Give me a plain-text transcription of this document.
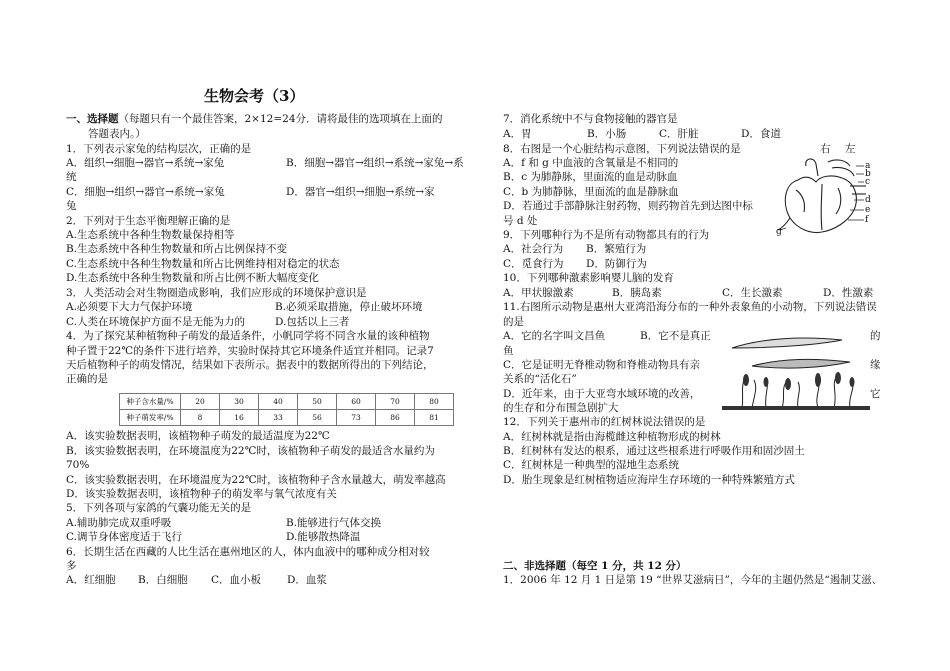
生物会考（3）
一、选择题（每题只有一个最佳答案，2×12=24分．请将最佳的选项填在上面的
答题表内。）
1．下列表示家兔的结构层次，正确的是
A．组织→细胞→器官→系统→家兔	B．细胞→器官→组织→系统→家兔→系
统
C．细胞→组织→器官→系统→家兔	D．器官→组织→细胞→系统→家
兔
2．下列对于生态平衡理解正确的是
A.生态系统中各种生物数量保持相等
B.生态系统中各种生物数量和所占比例保持不变
C.生态系统中各种生物数量和所占比例维持相对稳定的状态
D.生态系统中各种生物数量和所占比例不断大幅度变化
3．人类活动会对生物圈造成影响，我们应形成的环境保护意识是
A.必须要下大力气保护环境	B.必须采取措施，停止破坏环境
C.人类在环境保护方面不是无能为力的	D.包括以上三者
4．为了探究某种植物种子萌发的最适条件，小帆同学将不同含水量的该种植物
种子置于22℃的条件下进行培养，实验时保持其它环境条件适宜并相同。记录7
天后植物种子的萌发情况，结果如下表所示。据表中的数据所得出的下列结论，
正确的是
种子含水量/%	20	30	40	50	60	70	80
种子萌发率/%	8	16	33	56	73	86	81
A．该实验数据表明，该植物种子萌发的最适温度为22℃
B．该实验数据表明，在环境温度为22℃时，该植物种子萌发的最适含水量约为
70%
C．该实验数据表明，在环境温度为22℃时，该植物种子含水量越大，萌发率越高
D．该实验数据表明，该植物种子的萌发率与氧气浓度有关
5．下列各项与家鸽的气囊功能无关的是
A.辅助肺完成双重呼吸	B.能够进行气体交换
C.调节身体密度适于飞行	D.能够散热降温
6．长期生活在西藏的人比生活在惠州地区的人，体内血液中的哪种成分相对较
多
A．红细胞 B．白细胞 C．血小板 D．血浆
7．消化系统中不与食物接触的器官是
A．胃	B．小肠	C．肝脏	D．食道
8．右图是一个心脏结构示意图，下列说法错误的是	右 左
A．f 和 g 中血液的含氧量是不相同的
B．c 为肺静脉，里面流的血是动脉血
C．b 为肺静脉，里面流的血是静脉血
D．若通过手部静脉注射药物，则药物首先到达图中标
号 d 处
a
b
c
d
e
f
g
9．下列哪种行为不是所有动物都具有的行为
A．社会行为 B．繁殖行为
C．觅食行为 D．防御行为
10．下列哪种激素影响婴儿脑的发育
A．甲状腺激素	B．胰岛素	C．生长激素	D．性激素
11.右图所示动物是惠州大亚湾沿海分布的一种外表象鱼的小动物，下列说法错误
的是
A．它的名字叫文昌鱼	B．它不是真正	的
鱼
C．它是证明无脊椎动物和脊椎动物具有亲	缘
关系的“活化石”
D．近年来，由于大亚弯水域环境的改善，	它
的生存和分布围急剧扩大
12．下列关于惠州市的红树林说法错误的是
A．红树林就是指由海榄雌这种植物形成的树林
B．红树林有发达的根系，通过这些根系进行呼吸作用和固沙固土
C．红树林是一种典型的湿地生态系统
D．胎生现象是红树植物适应海岸生存环境的一种特殊繁殖方式
二、非选择题（每空 1 分，共 12 分）
1．2006 年 12 月 1 日是第 19 “世界艾滋病日”，今年的主题仍然是“遏制艾滋、
